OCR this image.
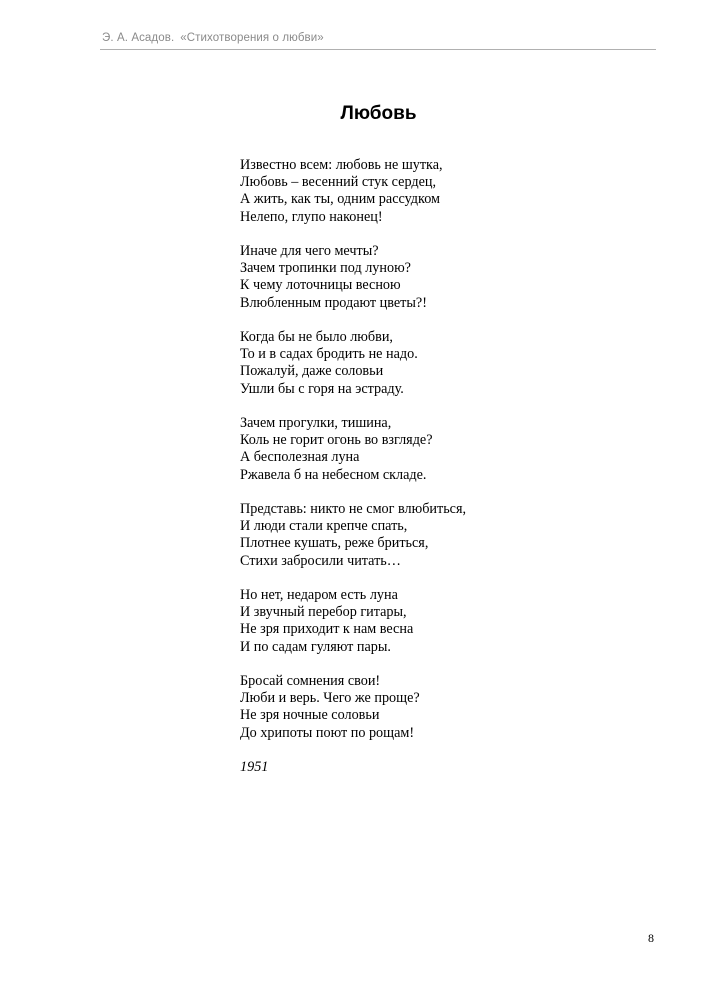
Э. А. Асадов. «Стихотворения о любви»
Любовь
Известно всем: любовь не шутка,
Любовь – весенний стук сердец,
А жить, как ты, одним рассудком
Нелепо, глупо наконец!
Иначе для чего мечты?
Зачем тропинки под луною?
К чему лоточницы весною
Влюбленным продают цветы?!
Когда бы не было любви,
То и в садах бродить не надо.
Пожалуй, даже соловьи
Ушли бы с горя на эстраду.
Зачем прогулки, тишина,
Коль не горит огонь во взгляде?
А бесполезная луна
Ржавела б на небесном складе.
Представь: никто не смог влюбиться,
И люди стали крепче спать,
Плотнее кушать, реже бриться,
Стихи забросили читать…
Но нет, недаром есть луна
И звучный перебор гитары,
Не зря приходит к нам весна
И по садам гуляют пары.
Бросай сомнения свои!
Люби и верь. Чего же проще?
Не зря ночные соловьи
До хрипоты поют по рощам!
1951
8
